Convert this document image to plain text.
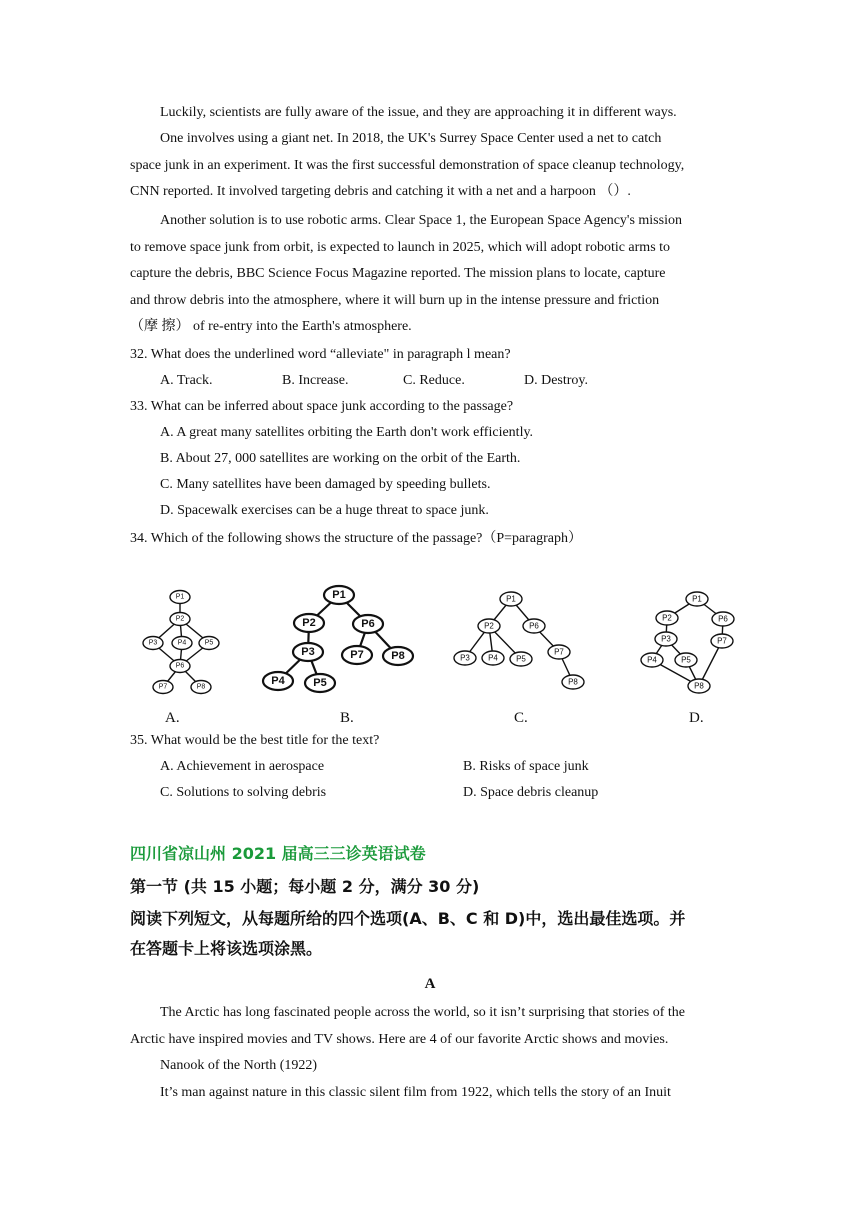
Luckily, scientists are fully aware of the issue, and they are approaching it in different ways.

One involves using a giant net. In 2018, the UK's Surrey Space Center used a net to catch
space junk in an experiment. It was the first successful demonstration of space cleanup technology,
CNN reported. It involved targeting debris and catching it with a net and a harpoon （）.

Another solution is to use robotic arms. Clear Space 1, the European Space Agency's mission
to remove space junk from orbit, is expected to launch in 2025, which will adopt robotic arms to
capture the debris, BBC Science Focus Magazine reported. The mission plans to locate, capture
and throw debris into the atmosphere, where it will burn up in the intense pressure and friction
（摩 擦） of re-entry into the Earth's atmosphere.

32. What does the underlined word “alleviate" in paragraph l mean?

A. Track.	B. Increase.	C. Reduce.	D. Destroy.

33. What can be inferred about space junk according to the passage?

A. A great many satellites orbiting the Earth don't work efficiently.

B. About 27, 000 satellites are working on the orbit of the Earth.

C. Many satellites have been damaged by speeding bullets.

D. Spacewalk exercises can be a huge threat to space junk.

34. Which of the following shows the structure of the passage?（P=paragraph）

P1
P2
P3	P4	P5
P6
P7	P8
P1
P2	P6
P3	P7	P8
P4	P5
P1
P2	P6
P3 P4 P5
P7
P8
P1
P2	P6
P3	P7
P4	P5
P8

A.	B.	C.	D.

35. What would be the best title for the text?

A. Achievement in aerospace	B. Risks of space junk

C. Solutions to solving debris	D. Space debris cleanup

四川省凉山州 2021 届高三三诊英语试卷

第一节 (共 15 小题；每小题 2 分，满分 30 分)

阅读下列短文，从每题所给的四个选项(A、B、C 和 D)中，选出最佳选项。并
在答题卡上将该选项涂黑。

A

The Arctic has long fascinated people across the world, so it isn’t surprising that stories of the
Arctic have inspired movies and TV shows. Here are 4 of our favorite Arctic shows and movies.
Nanook of the North (1922)
It’s man against nature in this classic silent film from 1922, which tells the story of an Inuit
